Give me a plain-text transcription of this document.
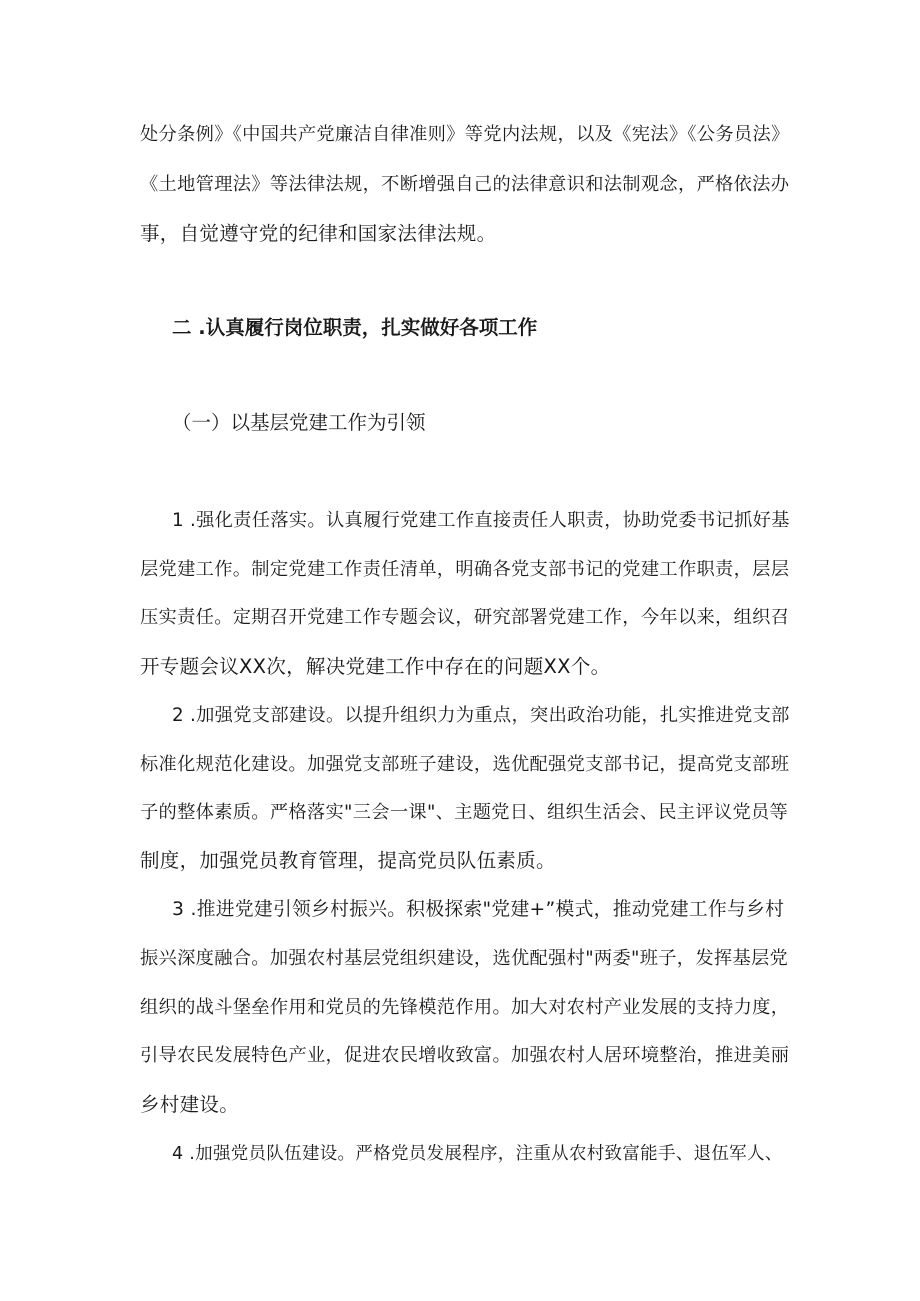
处分条例》《中国共产党廉洁自律准则》等党内法规，以及《宪法》《公务员法》
《土地管理法》等法律法规，不断增强自己的法律意识和法制观念，严格依法办
事，自觉遵守党的纪律和国家法律法规。
二 .认真履行岗位职责，扎实做好各项工作
（一）以基层党建工作为引领
1 .强化责任落实。认真履行党建工作直接责任人职责，协助党委书记抓好基
层党建工作。制定党建工作责任清单，明确各党支部书记的党建工作职责，层层
压实责任。定期召开党建工作专题会议，研究部署党建工作，今年以来，组织召
开专题会议XX次，解决党建工作中存在的问题XX个。
2 .加强党支部建设。以提升组织力为重点，突出政治功能，扎实推进党支部
标准化规范化建设。加强党支部班子建设，选优配强党支部书记，提高党支部班
子的整体素质。严格落实"三会一课"、主题党日、组织生活会、民主评议党员等
制度，加强党员教育管理，提高党员队伍素质。
3 .推进党建引领乡村振兴。积极探索"党建+”模式，推动党建工作与乡村
振兴深度融合。加强农村基层党组织建设，选优配强村"两委"班子，发挥基层党
组织的战斗堡垒作用和党员的先锋模范作用。加大对农村产业发展的支持力度，
引导农民发展特色产业，促进农民增收致富。加强农村人居环境整治，推进美丽
乡村建设。
4 .加强党员队伍建设。严格党员发展程序，注重从农村致富能手、退伍军人、
